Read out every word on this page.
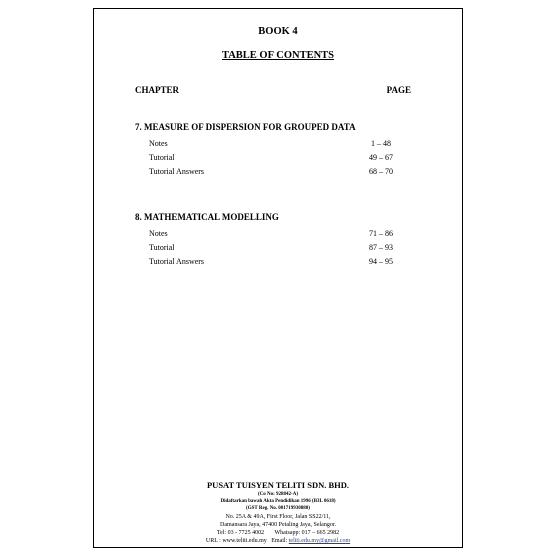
BOOK 4
TABLE OF CONTENTS
CHAPTER	PAGE
7. MEASURE OF DISPERSION FOR GROUPED DATA
Notes	1 – 48
Tutorial	49 – 67
Tutorial Answers	68 – 70
8. MATHEMATICAL MODELLING
Notes	71 – 86
Tutorial	87 – 93
Tutorial Answers	94 – 95
PUSAT TUISYEN TELITI SDN. BHD.
(Co No: 928842-A)
Didaftarkan bawah Akta Pendidikan 1996 (B3L 0618)
(GST Reg. No. 001719930880)
No. 25A & 49A, First Floor, Jalan SS22/11,
Damansara Jaya, 47400 Petaling Jaya, Selangor.
Tel: 03 - 7725 4002 Whatsapp: 017 – 665 2982
URL : www.teliti.edu.my Email: teliti.edu.my@gmail.com
